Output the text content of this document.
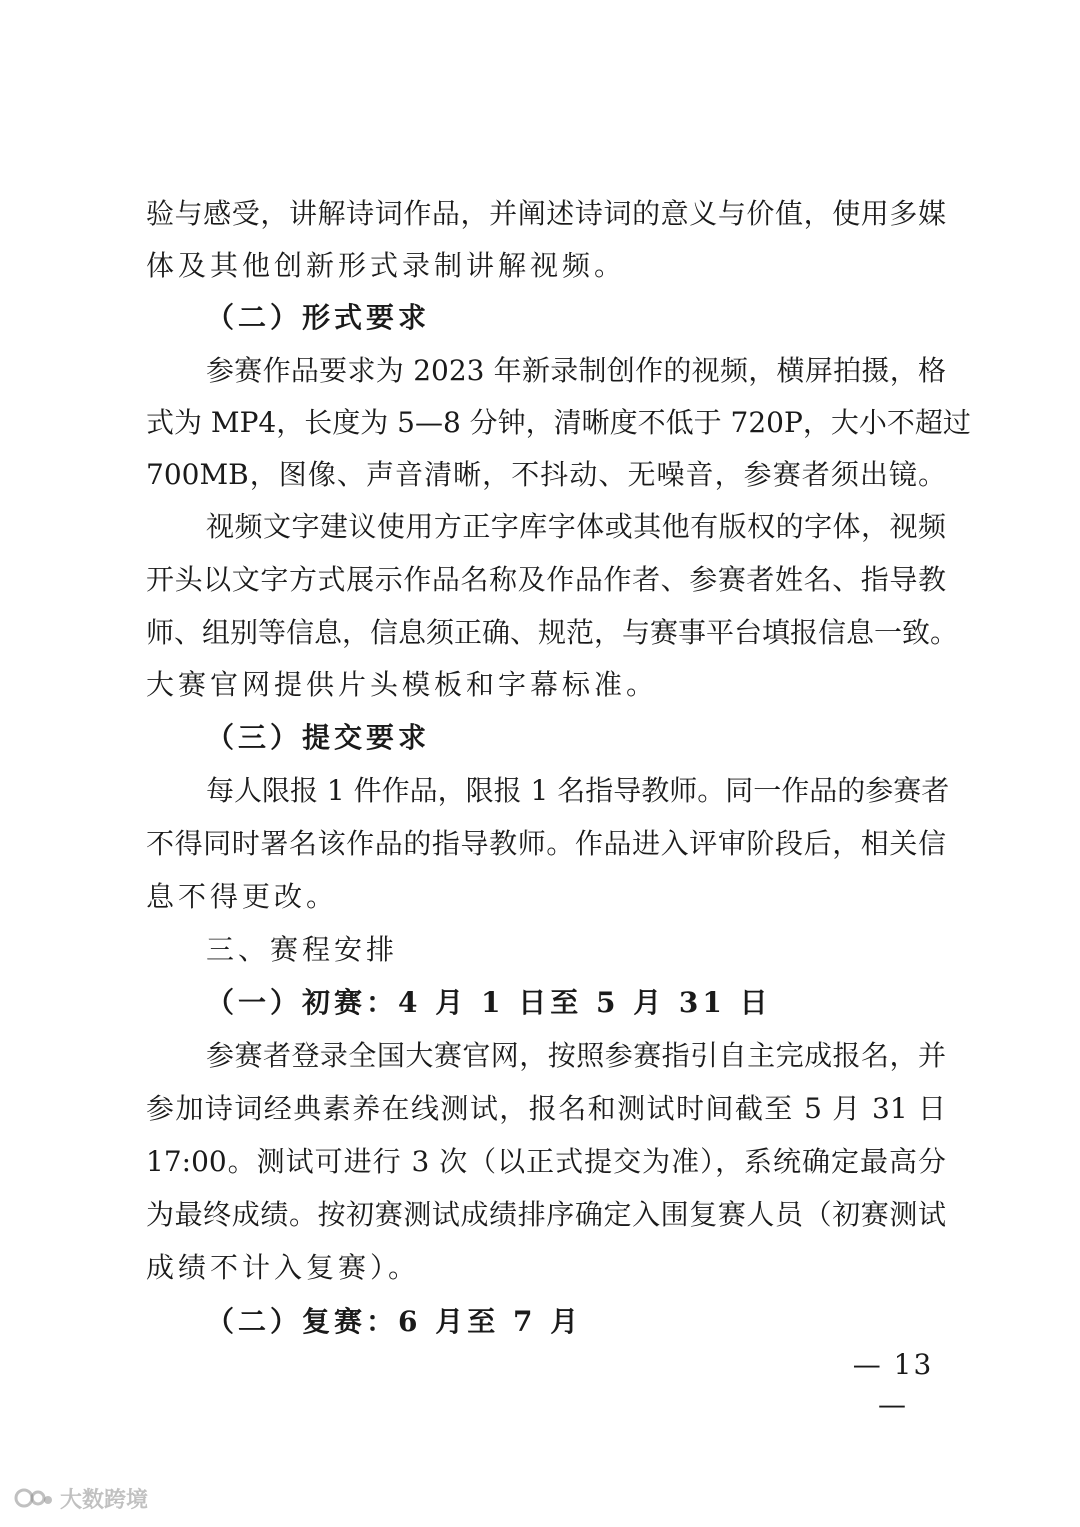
验与感受，讲解诗词作品，并阐述诗词的意义与价值，使用多媒
体及其他创新形式录制讲解视频。
（二）形式要求
参赛作品要求为 2023 年新录制创作的视频，横屏拍摄，格
式为 MP4，长度为 5—8 分钟，清晰度不低于 720P，大小不超过
700MB，图像、声音清晰，不抖动、无噪音，参赛者须出镜。
视频文字建议使用方正字库字体或其他有版权的字体，视频
开头以文字方式展示作品名称及作品作者、参赛者姓名、指导教
师、组别等信息，信息须正确、规范，与赛事平台填报信息一致。
大赛官网提供片头模板和字幕标准。
（三）提交要求
每人限报 1 件作品，限报 1 名指导教师。同一作品的参赛者
不得同时署名该作品的指导教师。作品进入评审阶段后，相关信
息不得更改。
三、赛程安排
（一）初赛：4 月 1 日至 5 月 31 日
参赛者登录全国大赛官网，按照参赛指引自主完成报名，并
参加诗词经典素养在线测试，报名和测试时间截至 5 月 31 日
17:00。测试可进行 3 次（以正式提交为准），系统确定最高分
为最终成绩。按初赛测试成绩排序确定入围复赛人员（初赛测试
成绩不计入复赛）。
（二）复赛：6 月至 7 月
— 13 —
大数跨境
